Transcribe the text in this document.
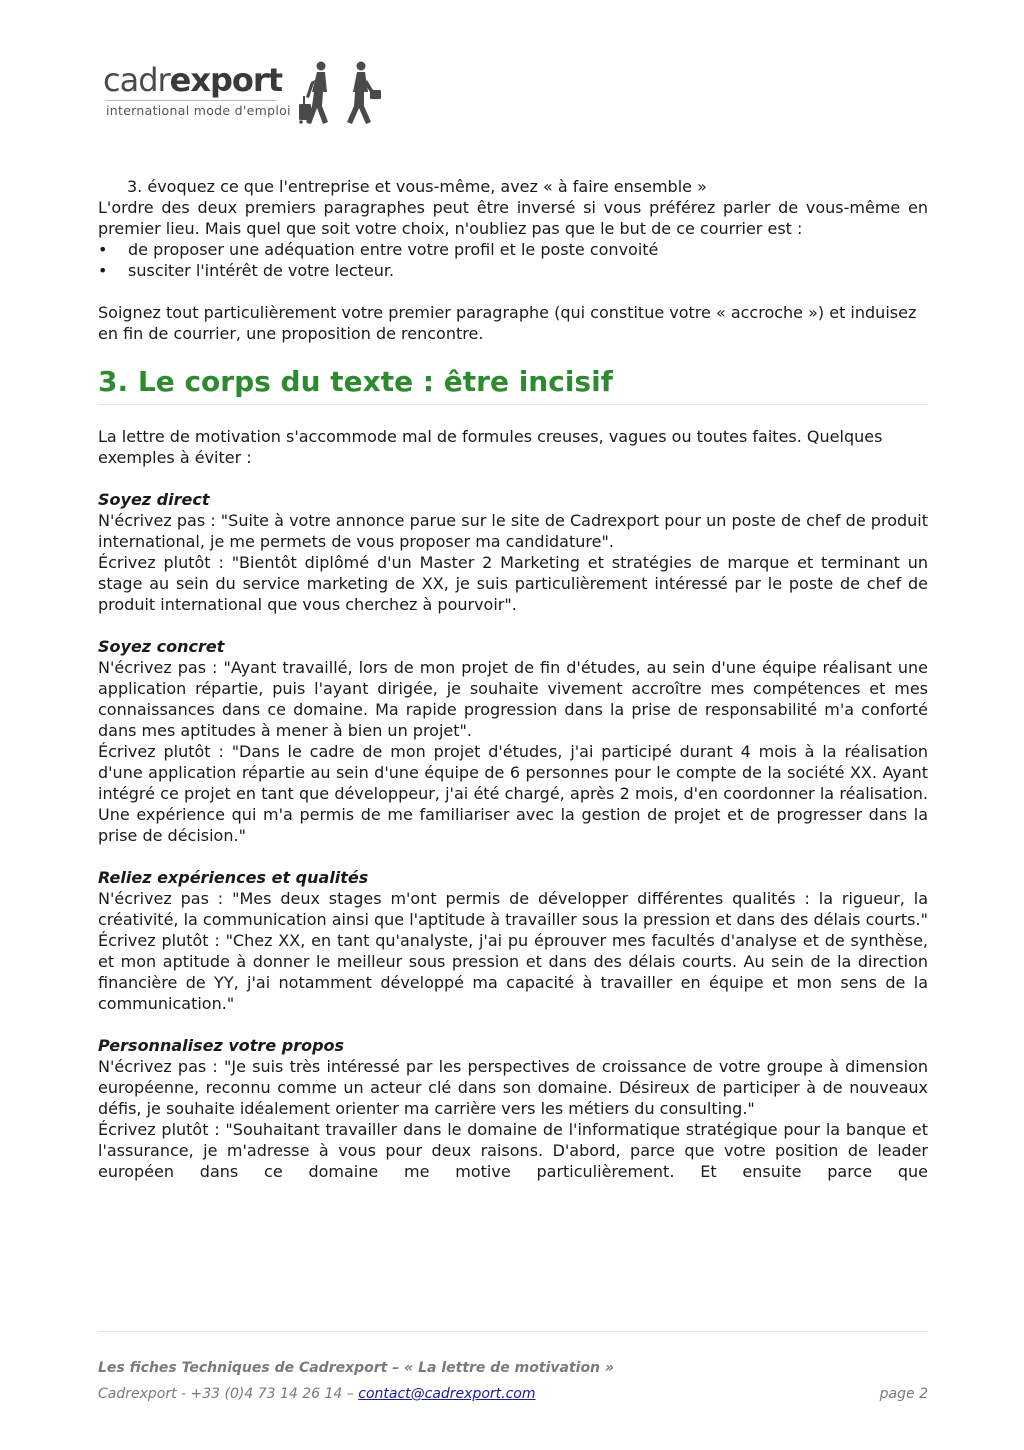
cadrexport
international mode d'emploi

3. évoquez ce que l'entreprise et vous-même, avez « à faire ensemble »

L'ordre des deux premiers paragraphes peut être inversé si vous préférez parler de vous-même en premier lieu. Mais quel que soit votre choix, n'oubliez pas que le but de ce courrier est :

• de proposer une adéquation entre votre profil et le poste convoité

• susciter l'intérêt de votre lecteur.

Soignez tout particulièrement votre premier paragraphe (qui constitue votre « accroche ») et induisez en fin de courrier, une proposition de rencontre.

3. Le corps du texte : être incisif

La lettre de motivation s'accommode mal de formules creuses, vagues ou toutes faites. Quelques exemples à éviter :

Soyez direct

N'écrivez pas : "Suite à votre annonce parue sur le site de Cadrexport pour un poste de chef de produit international, je me permets de vous proposer ma candidature".

Écrivez plutôt : "Bientôt diplômé d'un Master 2 Marketing et stratégies de marque et terminant un stage au sein du service marketing de XX, je suis particulièrement intéressé par le poste de chef de produit international que vous cherchez à pourvoir".

Soyez concret

N'écrivez pas : "Ayant travaillé, lors de mon projet de fin d'études, au sein d'une équipe réalisant une application répartie, puis l'ayant dirigée, je souhaite vivement accroître mes compétences et mes connaissances dans ce domaine. Ma rapide progression dans la prise de responsabilité m'a conforté dans mes aptitudes à mener à bien un projet".

Écrivez plutôt : "Dans le cadre de mon projet d'études, j'ai participé durant 4 mois à la réalisation d'une application répartie au sein d'une équipe de 6 personnes pour le compte de la société XX. Ayant intégré ce projet en tant que développeur, j'ai été chargé, après 2 mois, d'en coordonner la réalisation. Une expérience qui m'a permis de me familiariser avec la gestion de projet et de progresser dans la prise de décision."

Reliez expériences et qualités

N'écrivez pas : "Mes deux stages m'ont permis de développer différentes qualités : la rigueur, la créativité, la communication ainsi que l'aptitude à travailler sous la pression et dans des délais courts."

Écrivez plutôt : "Chez XX, en tant qu'analyste, j'ai pu éprouver mes facultés d'analyse et de synthèse, et mon aptitude à donner le meilleur sous pression et dans des délais courts. Au sein de la direction financière de YY, j'ai notamment développé ma capacité à travailler en équipe et mon sens de la communication."

Personnalisez votre propos

N'écrivez pas : "Je suis très intéressé par les perspectives de croissance de votre groupe à dimension européenne, reconnu comme un acteur clé dans son domaine. Désireux de participer à de nouveaux défis, je souhaite idéalement orienter ma carrière vers les métiers du consulting."

Écrivez plutôt : "Souhaitant travailler dans le domaine de l'informatique stratégique pour la banque et l'assurance, je m'adresse à vous pour deux raisons. D'abord, parce que votre position de leader européen dans ce domaine me motive particulièrement. Et ensuite parce que

Les fiches Techniques de Cadrexport – « La lettre de motivation »
Cadrexport - +33 (0)4 73 14 26 14 – contact@cadrexport.com	page 2
